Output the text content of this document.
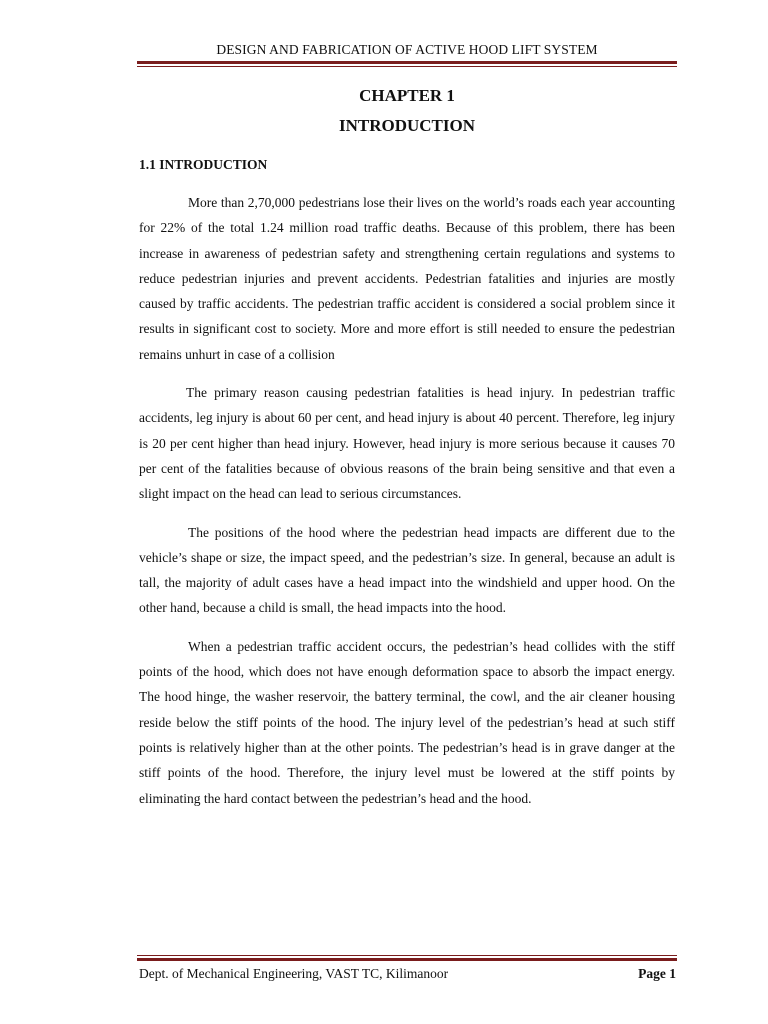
DESIGN AND FABRICATION OF ACTIVE HOOD LIFT SYSTEM
CHAPTER 1
INTRODUCTION
1.1 INTRODUCTION

More than 2,70,000 pedestrians lose their lives on the world’s roads each year accounting for 22% of the total 1.24 million road traffic deaths. Because of this problem, there has been increase in awareness of pedestrian safety and strengthening certain regulations and systems to reduce pedestrian injuries and prevent accidents. Pedestrian fatalities and injuries are mostly caused by traffic accidents. The pedestrian traffic accident is considered a social problem since it results in significant cost to society. More and more effort is still needed to ensure the pedestrian remains unhurt in case of a collision

The primary reason causing pedestrian fatalities is head injury. In pedestrian traffic accidents, leg injury is about 60 per cent, and head injury is about 40 percent. Therefore, leg injury is 20 per cent higher than head injury. However, head injury is more serious because it causes 70 per cent of the fatalities because of obvious reasons of the brain being sensitive and that even a slight impact on the head can lead to serious circumstances.

The positions of the hood where the pedestrian head impacts are different due to the vehicle’s shape or size, the impact speed, and the pedestrian’s size. In general, because an adult is tall, the majority of adult cases have a head impact into the windshield and upper hood. On the other hand, because a child is small, the head impacts into the hood.

When a pedestrian traffic accident occurs, the pedestrian’s head collides with the stiff points of the hood, which does not have enough deformation space to absorb the impact energy. The hood hinge, the washer reservoir, the battery terminal, the cowl, and the air cleaner housing reside below the stiff points of the hood. The injury level of the pedestrian’s head at such stiff points is relatively higher than at the other points. The pedestrian’s head is in grave danger at the stiff points of the hood. Therefore, the injury level must be lowered at the stiff points by eliminating the hard contact between the pedestrian’s head and the hood.

Dept. of Mechanical Engineering, VAST TC, Kilimanoor	Page 1
